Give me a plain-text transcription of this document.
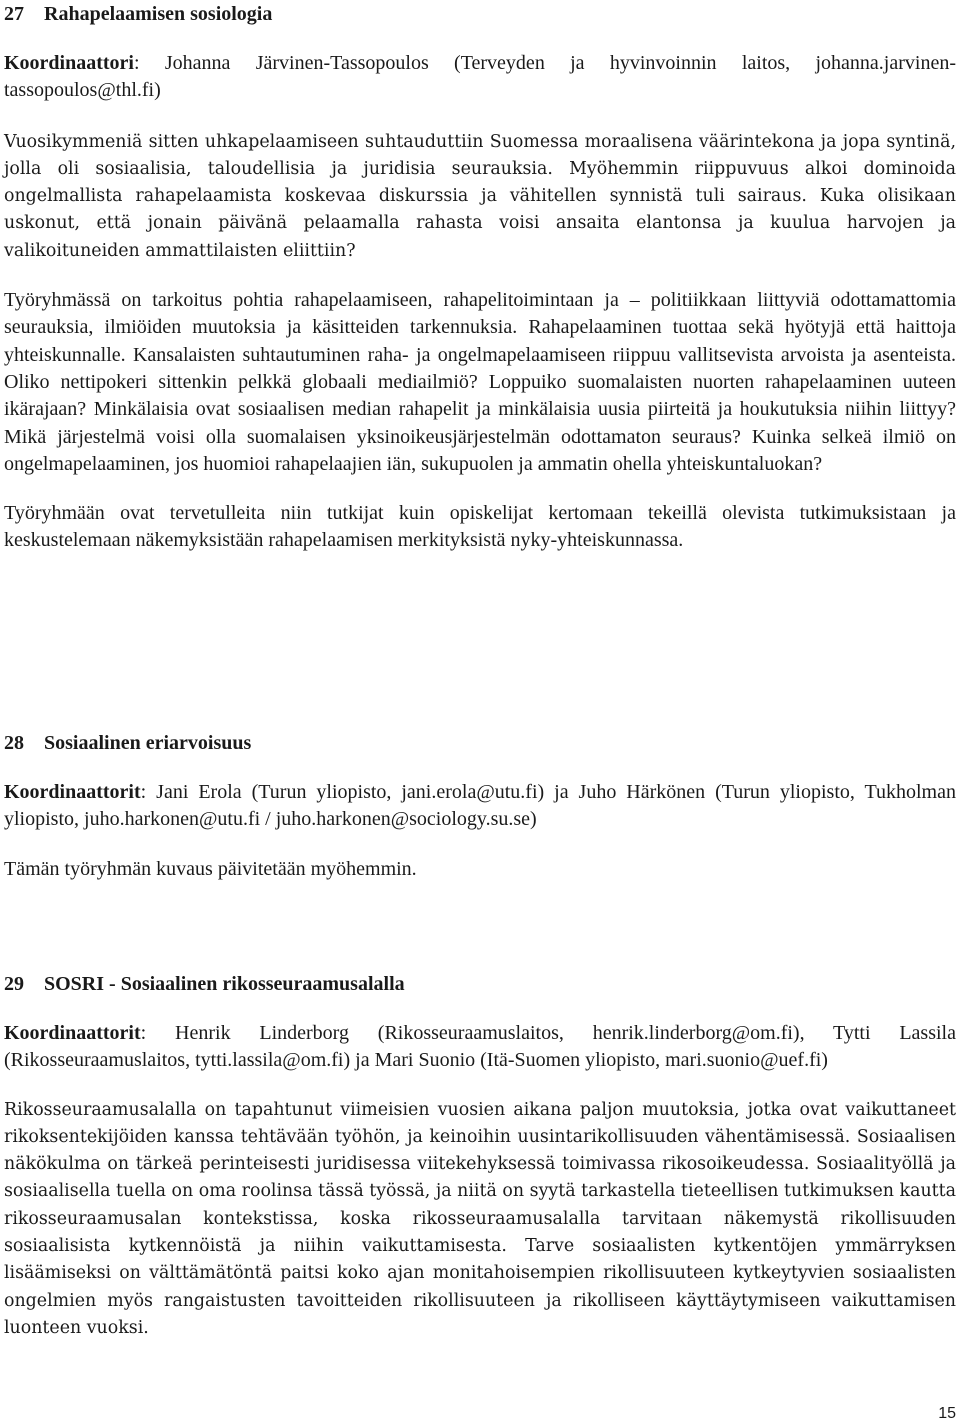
27 Rahapelaamisen sosiologia

Koordinaattori: Johanna Järvinen-Tassopoulos (Terveyden ja hyvinvoinnin laitos, johanna.jarvinen-tassopoulos@thl.fi)

Vuosikymmeniä sitten uhkapelaamiseen suhtauduttiin Suomessa moraalisena väärintekona ja jopa syntinä, jolla oli sosiaalisia, taloudellisia ja juridisia seurauksia. Myöhemmin riippuvuus alkoi dominoida ongelmallista rahapelaamista koskevaa diskurssia ja vähitellen synnistä tuli sairaus. Kuka olisikaan uskonut, että jonain päivänä pelaamalla rahasta voisi ansaita elantonsa ja kuulua harvojen ja valikoituneiden ammattilaisten eliittiin?

Työryhmässä on tarkoitus pohtia rahapelaamiseen, rahapelitoimintaan ja – politiikkaan liittyviä odottamattomia seurauksia, ilmiöiden muutoksia ja käsitteiden tarkennuksia. Rahapelaaminen tuottaa sekä hyötyjä että haittoja yhteiskunnalle. Kansalaisten suhtautuminen raha- ja ongelmapelaamiseen riippuu vallitsevista arvoista ja asenteista. Oliko nettipokeri sittenkin pelkkä globaali mediailmiö? Loppuiko suomalaisten nuorten rahapelaaminen uuteen ikärajaan? Minkälaisia ovat sosiaalisen median rahapelit ja minkälaisia uusia piirteitä ja houkutuksia niihin liittyy? Mikä järjestelmä voisi olla suomalaisen yksinoikeusjärjestelmän odottamaton seuraus? Kuinka selkeä ilmiö on ongelmapelaaminen, jos huomioi rahapelaajien iän, sukupuolen ja ammatin ohella yhteiskuntaluokan?

Työryhmään ovat tervetulleita niin tutkijat kuin opiskelijat kertomaan tekeillä olevista tutkimuksistaan ja keskustelemaan näkemyksistään rahapelaamisen merkityksistä nyky-yhteiskunnassa.

28 Sosiaalinen eriarvoisuus

Koordinaattorit: Jani Erola (Turun yliopisto, jani.erola@utu.fi) ja Juho Härkönen (Turun yliopisto, Tukholman yliopisto, juho.harkonen@utu.fi / juho.harkonen@sociology.su.se)

Tämän työryhmän kuvaus päivitetään myöhemmin.

29 SOSRI - Sosiaalinen rikosseuraamusalalla

Koordinaattorit: Henrik Linderborg (Rikosseuraamuslaitos, henrik.linderborg@om.fi), Tytti Lassila (Rikosseuraamuslaitos, tytti.lassila@om.fi) ja Mari Suonio (Itä-Suomen yliopisto, mari.suonio@uef.fi)

Rikosseuraamusalalla on tapahtunut viimeisien vuosien aikana paljon muutoksia, jotka ovat vaikuttaneet rikoksentekijöiden kanssa tehtävään työhön, ja keinoihin uusintarikollisuuden vähentämisessä. Sosiaalisen näkökulma on tärkeä perinteisesti juridisessa viitekehyksessä toimivassa rikosoikeudessa. Sosiaalityöllä ja sosiaalisella tuella on oma roolinsa tässä työssä, ja niitä on syytä tarkastella tieteellisen tutkimuksen kautta rikosseuraamusalan kontekstissa, koska rikosseuraamusalalla tarvitaan näkemystä rikollisuuden sosiaalisista kytkennöistä ja niihin vaikuttamisesta. Tarve sosiaalisten kytkentöjen ymmärryksen lisäämiseksi on välttämätöntä paitsi koko ajan monitahoisempien rikollisuuteen kytkeytyvien sosiaalisten ongelmien myös rangaistusten tavoitteiden rikollisuuteen ja rikolliseen käyttäytymiseen vaikuttamisen luonteen vuoksi.

15
